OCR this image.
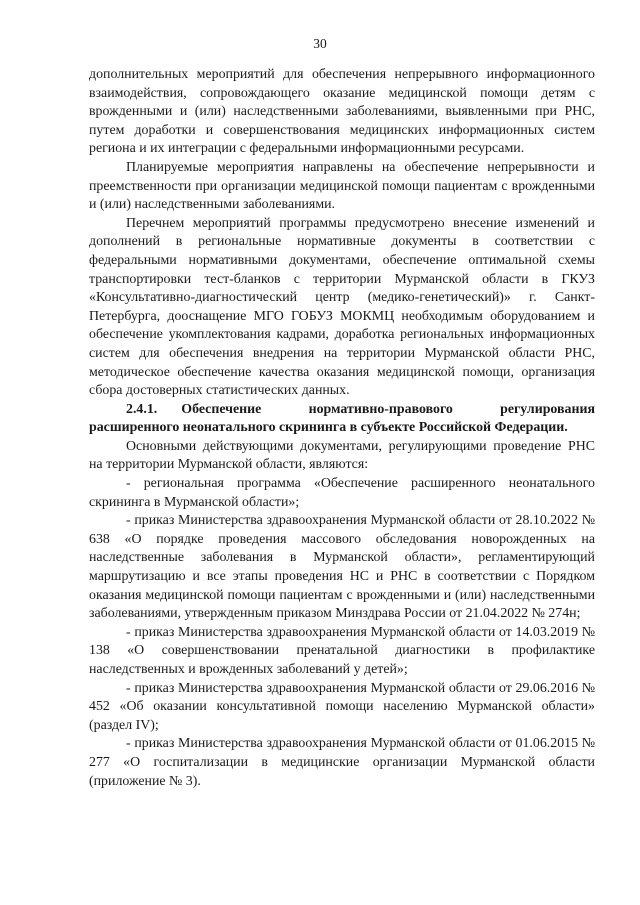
30

дополнительных мероприятий для обеспечения непрерывного информационного взаимодействия, сопровождающего оказание медицинской помощи детям с врожденными и (или) наследственными заболеваниями, выявленными при РНС, путем доработки и совершенствования медицинских информационных систем региона и их интеграции с федеральными информационными ресурсами.

Планируемые мероприятия направлены на обеспечение непрерывности и преемственности при организации медицинской помощи пациентам с врожденными и (или) наследственными заболеваниями.

Перечнем мероприятий программы предусмотрено внесение изменений и дополнений в региональные нормативные документы в соответствии с федеральными нормативными документами, обеспечение оптимальной схемы транспортировки тест-бланков с территории Мурманской области в ГКУЗ «Консультативно-диагностический центр (медико-генетический)» г. Санкт-Петербурга, дооснащение МГО ГОБУЗ МОКМЦ необходимым оборудованием и обеспечение укомплектования кадрами, доработка региональных информационных систем для обеспечения внедрения на территории Мурманской области РНС, методическое обеспечение качества оказания медицинской помощи, организация сбора достоверных статистических данных.

2.4.1. Обеспечение нормативно-правового регулирования расширенного неонатального скрининга в субъекте Российской Федерации.

Основными действующими документами, регулирующими проведение РНС на территории Мурманской области, являются:

- региональная программа «Обеспечение расширенного неонатального скрининга в Мурманской области»;

- приказ Министерства здравоохранения Мурманской области от 28.10.2022 № 638 «О порядке проведения массового обследования новорожденных на наследственные заболевания в Мурманской области», регламентирующий маршрутизацию и все этапы проведения НС и РНС в соответствии с Порядком оказания медицинской помощи пациентам с врожденными и (или) наследственными заболеваниями, утвержденным приказом Минздрава России от 21.04.2022 № 274н;

- приказ Министерства здравоохранения Мурманской области от 14.03.2019 № 138 «О совершенствовании пренатальной диагностики в профилактике наследственных и врожденных заболеваний у детей»;

- приказ Министерства здравоохранения Мурманской области от 29.06.2016 № 452 «Об оказании консультативной помощи населению Мурманской области» (раздел IV);

- приказ Министерства здравоохранения Мурманской области от 01.06.2015 № 277 «О госпитализации в медицинские организации Мурманской области (приложение № 3).
